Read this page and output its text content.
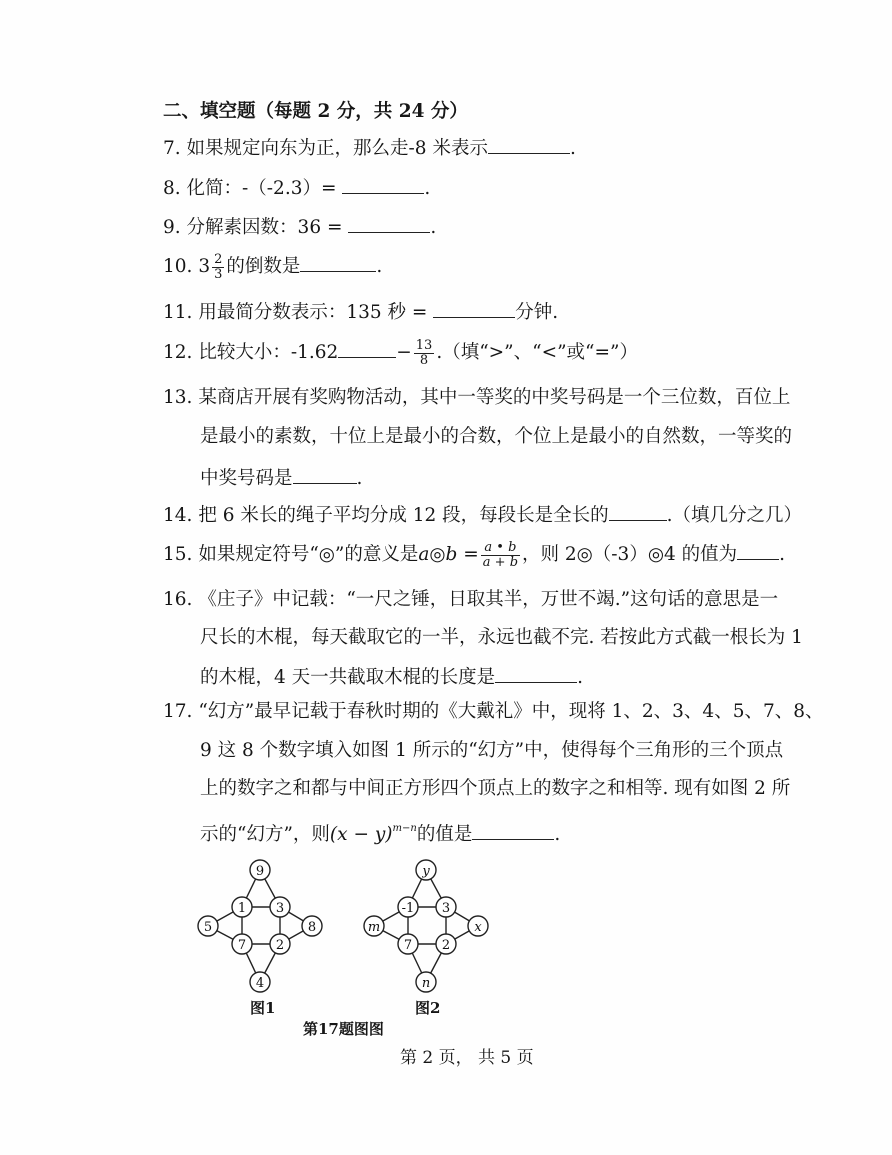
二、填空题（每题 2 分，共 24 分）
7. 如果规定向东为正，那么走-8 米表示	.
8. 化简：-（-2.3）=	.
9. 分解素因数：36 =	.
10. $3 \frac{2}{3}$ 的倒数是	.
11. 用最简分数表示：135 秒 =	分钟.
12. 比较大小：-1.62	− $\frac{13}{8}$ .（填“>”、“<”或“=”）
13. 某商店开展有奖购物活动，其中一等奖的中奖号码是一个三位数，百位上
是最小的素数，十位上是最小的合数，个位上是最小的自然数，一等奖的
中奖号码是	.
14. 把 6 米长的绳子平均分成 12 段，每段长是全长的	.（填几分之几）
15. 如果规定符号“◎”的意义是a◎b = $\frac{a • b}{a + b}$ ，则 2◎（-3）◎4 的值为 .
16. 《庄子》中记载：“一尺之锤，日取其半，万世不竭.”这句话的意思是一
尺长的木棍，每天截取它的一半，永远也截不完. 若按此方式截一根长为 1
的木棍，4 天一共截取木棍的长度是	.
17. “幻方”最早记载于春秋时期的《大戴礼》中，现将 1、2、3、4、5、7、8、
9 这 8 个数字填入如图 1 所示的“幻方”中，使得每个三角形的三个顶点
上的数字之和都与中间正方形四个顶点上的数字之和相等. 现有如图 2 所
示的“幻方”，则$(x - y)^{m-n}$的值是	.
9
1 3
5	8
7 2
4
图1
y
-1 3
m	x
7 2
n
图2
第17题图图
第 2 页， 共 5 页
